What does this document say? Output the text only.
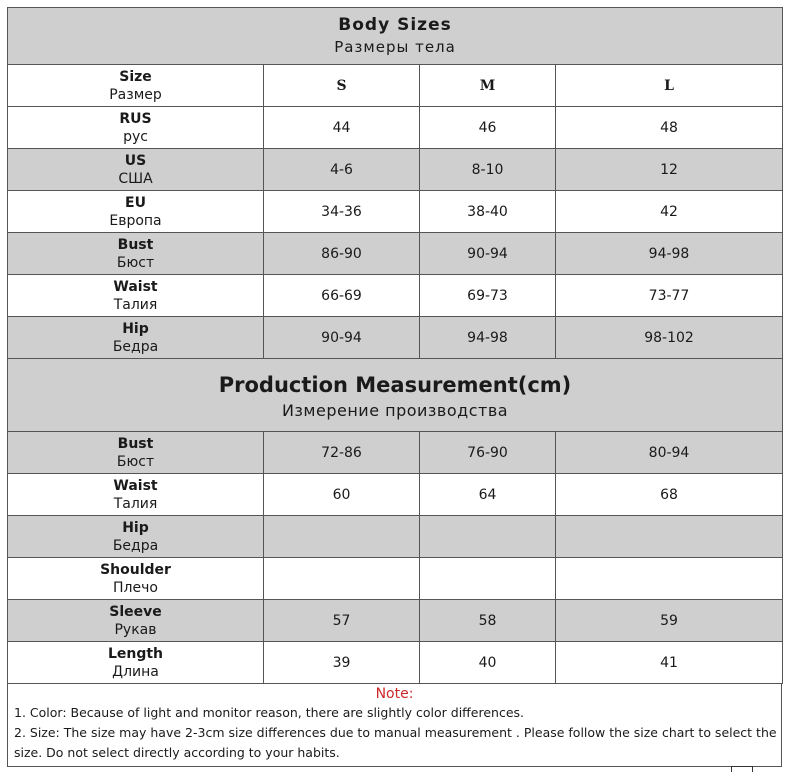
Body Sizes
Размеры тела			

Size
Размер	S	M	L

RUS
рус	44	46	48

US
США	4-6	8-10	12

EU
Европа	34-36	38-40	42

Bust
Бюст	86-90	90-94	94-98

Waist
Талия	66-69	69-73	73-77

Hip
Бедра	90-94	94-98	98-102

Production Measurement(cm)
Измерение производства			

Bust
Бюст	72-86	76-90	80-94

Waist
Талия	60	64	68

Hip
Бедра			

Shoulder
Плечо			

Sleeve
Рукав	57	58	59

Length
Длина	39	40	41
Note:
1. Color: Because of light and monitor reason, there are slightly color differences.
2. Size: The size may have 2-3cm size differences due to manual measurement . Please follow the size chart to select the size. Do not select directly according to your habits.
